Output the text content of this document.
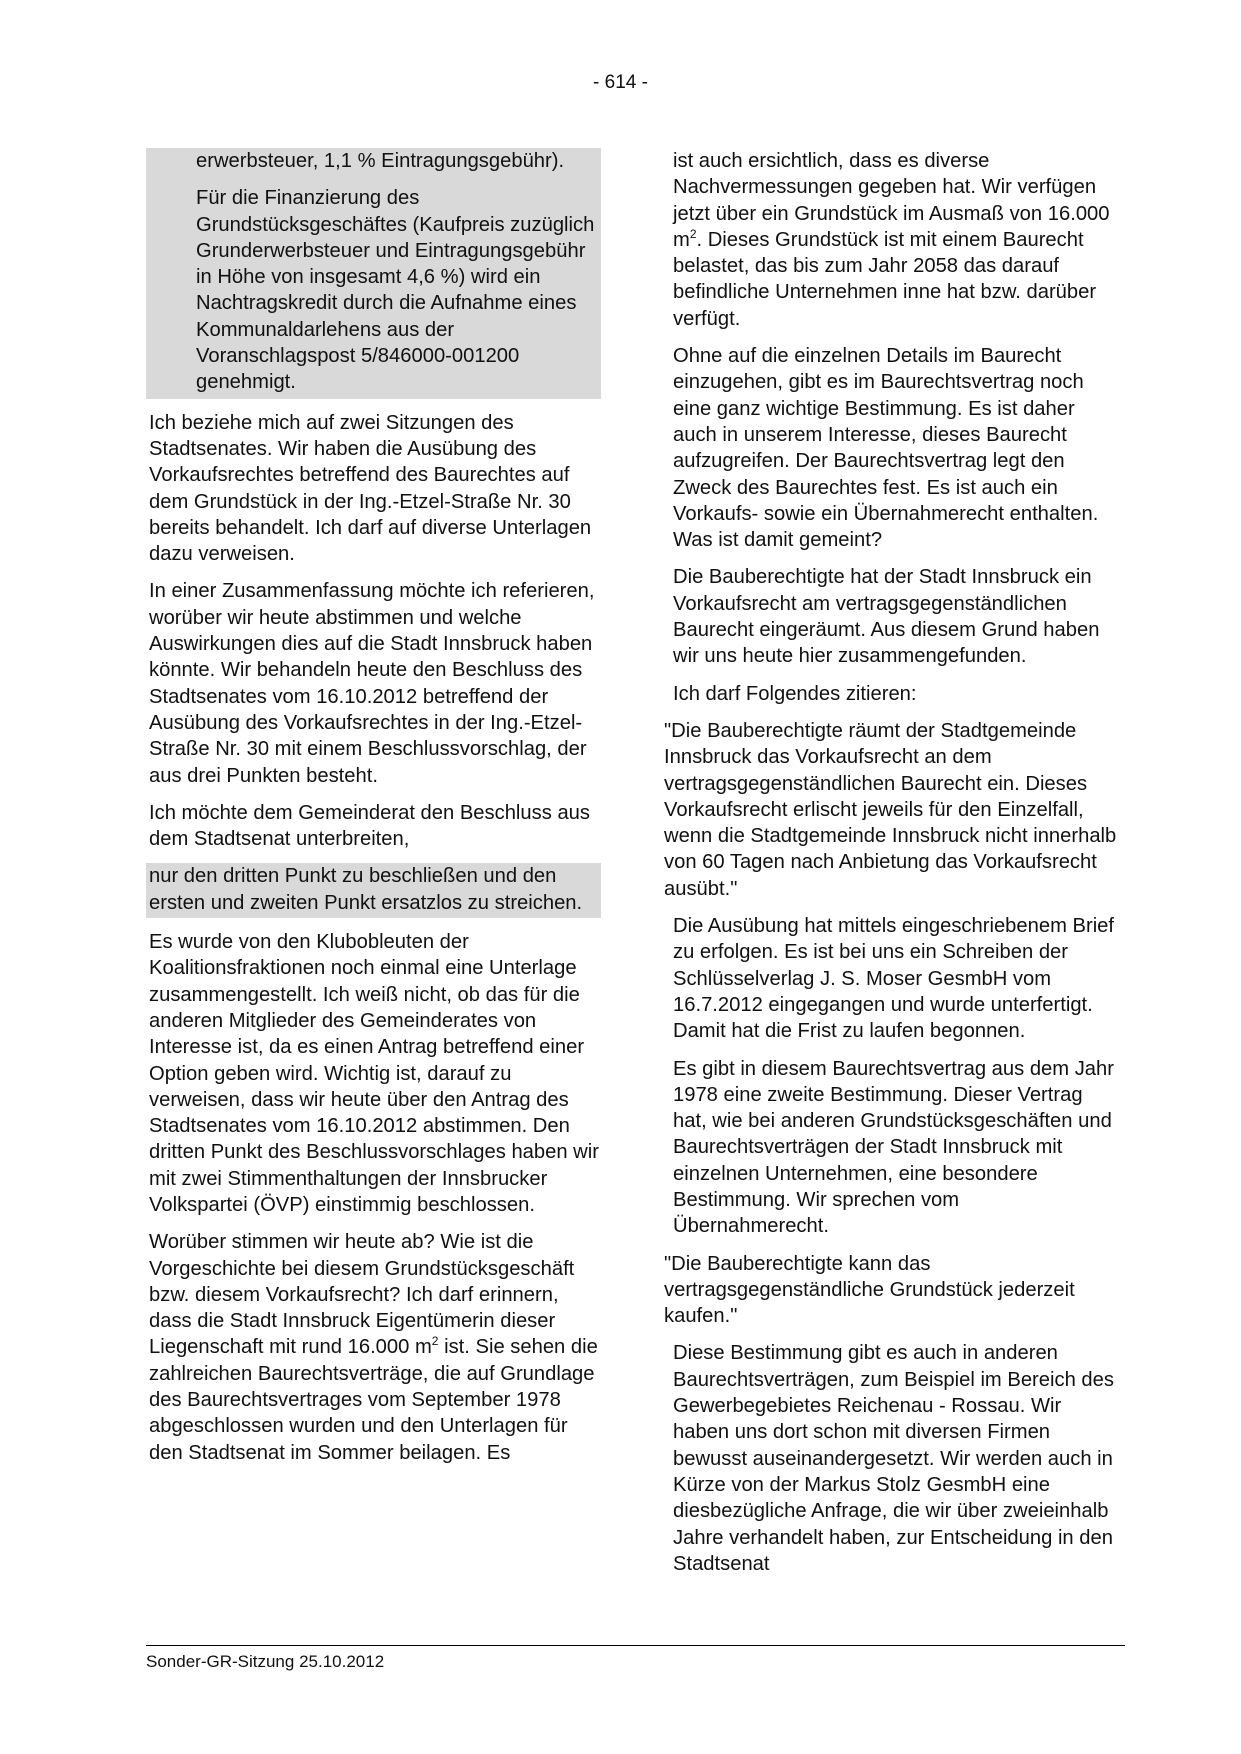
- 614 -

erwerbsteuer, 1,1 % Eintragungsgebühr).

Für die Finanzierung des Grundstücksgeschäftes (Kaufpreis zuzüglich Grunderwerbsteuer und Eintragungsgebühr in Höhe von insgesamt 4,6 %) wird ein Nachtragskredit durch die Aufnahme eines Kommunaldarlehens aus der Voranschlagspost 5/846000-001200 genehmigt.

Ich beziehe mich auf zwei Sitzungen des Stadtsenates. Wir haben die Ausübung des Vorkaufsrechtes betreffend des Baurechtes auf dem Grundstück in der Ing.-Etzel-Straße Nr. 30 bereits behandelt. Ich darf auf diverse Unterlagen dazu verweisen.

In einer Zusammenfassung möchte ich referieren, worüber wir heute abstimmen und welche Auswirkungen dies auf die Stadt Innsbruck haben könnte. Wir behandeln heute den Beschluss des Stadtsenates vom 16.10.2012 betreffend der Ausübung des Vorkaufsrechtes in der Ing.-Etzel-Straße Nr. 30 mit einem Beschlussvorschlag, der aus drei Punkten besteht.

Ich möchte dem Gemeinderat den Beschluss aus dem Stadtsenat unterbreiten,

nur den dritten Punkt zu beschließen und den ersten und zweiten Punkt ersatzlos zu streichen.

Es wurde von den Klubobleuten der Koalitionsfraktionen noch einmal eine Unterlage zusammengestellt. Ich weiß nicht, ob das für die anderen Mitglieder des Gemeinderates von Interesse ist, da es einen Antrag betreffend einer Option geben wird. Wichtig ist, darauf zu verweisen, dass wir heute über den Antrag des Stadtsenates vom 16.10.2012 abstimmen. Den dritten Punkt des Beschlussvorschlages haben wir mit zwei Stimmenthaltungen der Innsbrucker Volkspartei (ÖVP) einstimmig beschlossen.

Worüber stimmen wir heute ab? Wie ist die Vorgeschichte bei diesem Grundstücksgeschäft bzw. diesem Vorkaufsrecht? Ich darf erinnern, dass die Stadt Innsbruck Eigentümerin dieser Liegenschaft mit rund 16.000 $m^2$ ist. Sie sehen die zahlreichen Baurechtsverträge, die auf Grundlage des Baurechtsvertrages vom September 1978 abgeschlossen wurden und den Unterlagen für den Stadtsenat im Sommer beilagen. Es

ist auch ersichtlich, dass es diverse Nachvermessungen gegeben hat. Wir verfügen jetzt über ein Grundstück im Ausmaß von 16.000 $m^2$. Dieses Grundstück ist mit einem Baurecht belastet, das bis zum Jahr 2058 das darauf befindliche Unternehmen inne hat bzw. darüber verfügt.

Ohne auf die einzelnen Details im Baurecht einzugehen, gibt es im Baurechtsvertrag noch eine ganz wichtige Bestimmung. Es ist daher auch in unserem Interesse, dieses Baurecht aufzugreifen. Der Baurechtsvertrag legt den Zweck des Baurechtes fest. Es ist auch ein Vorkaufs- sowie ein Übernahmerecht enthalten. Was ist damit gemeint?

Die Bauberechtigte hat der Stadt Innsbruck ein Vorkaufsrecht am vertragsgegenständlichen Baurecht eingeräumt. Aus diesem Grund haben wir uns heute hier zusammengefunden.

Ich darf Folgendes zitieren:

"Die Bauberechtigte räumt der Stadtgemeinde Innsbruck das Vorkaufsrecht an dem vertragsgegenständlichen Baurecht ein. Dieses Vorkaufsrecht erlischt jeweils für den Einzelfall, wenn die Stadtgemeinde Innsbruck nicht innerhalb von 60 Tagen nach Anbietung das Vorkaufsrecht ausübt."

Die Ausübung hat mittels eingeschriebenem Brief zu erfolgen. Es ist bei uns ein Schreiben der Schlüsselverlag J. S. Moser GesmbH vom 16.7.2012 eingegangen und wurde unterfertigt. Damit hat die Frist zu laufen begonnen.

Es gibt in diesem Baurechtsvertrag aus dem Jahr 1978 eine zweite Bestimmung. Dieser Vertrag hat, wie bei anderen Grundstücksgeschäften und Baurechtsverträgen der Stadt Innsbruck mit einzelnen Unternehmen, eine besondere Bestimmung. Wir sprechen vom Übernahmerecht.

"Die Bauberechtigte kann das vertragsgegenständliche Grundstück jederzeit kaufen."

Diese Bestimmung gibt es auch in anderen Baurechtsverträgen, zum Beispiel im Bereich des Gewerbegebietes Reichenau - Rossau. Wir haben uns dort schon mit diversen Firmen bewusst auseinandergesetzt. Wir werden auch in Kürze von der Markus Stolz GesmbH eine diesbezügliche Anfrage, die wir über zweieinhalb Jahre verhandelt haben, zur Entscheidung in den Stadtsenat

Sonder-GR-Sitzung 25.10.2012
